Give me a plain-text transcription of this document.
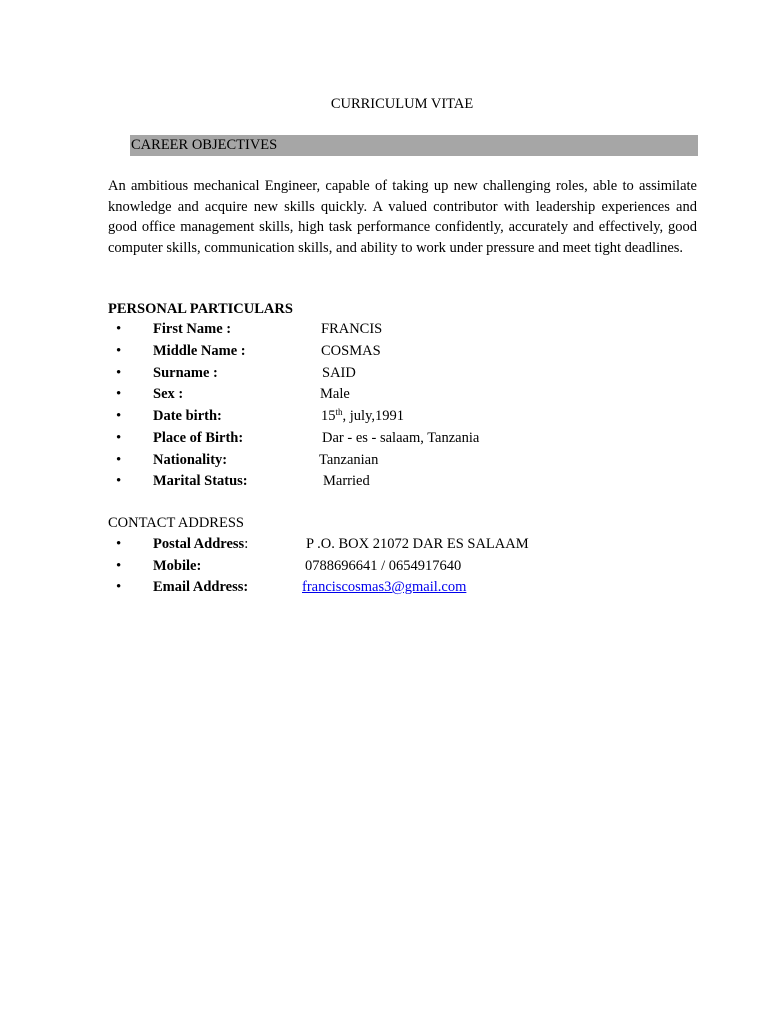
CURRICULUM VITAE
CAREER OBJECTIVES
An ambitious mechanical Engineer, capable of taking up new challenging roles, able to assimilate knowledge and acquire new skills quickly. A valued contributor with leadership experiences and good office management skills, high task performance confidently, accurately and effectively, good computer skills, communication skills, and ability to work under pressure and meet tight deadlines.
PERSONAL PARTICULARS
• First Name :	FRANCIS
• Middle Name :	COSMAS
• Surname :	SAID
• Sex :	Male
• Date birth:	15th, july,1991
• Place of Birth:	Dar - es - salaam, Tanzania
• Nationality:	Tanzanian
• Marital Status:	Married
CONTACT ADDRESS
• Postal Address:	P .O. BOX 21072 DAR ES SALAAM
• Mobile:	0788696641 / 0654917640
• Email Address:	franciscosmas3@gmail.com
